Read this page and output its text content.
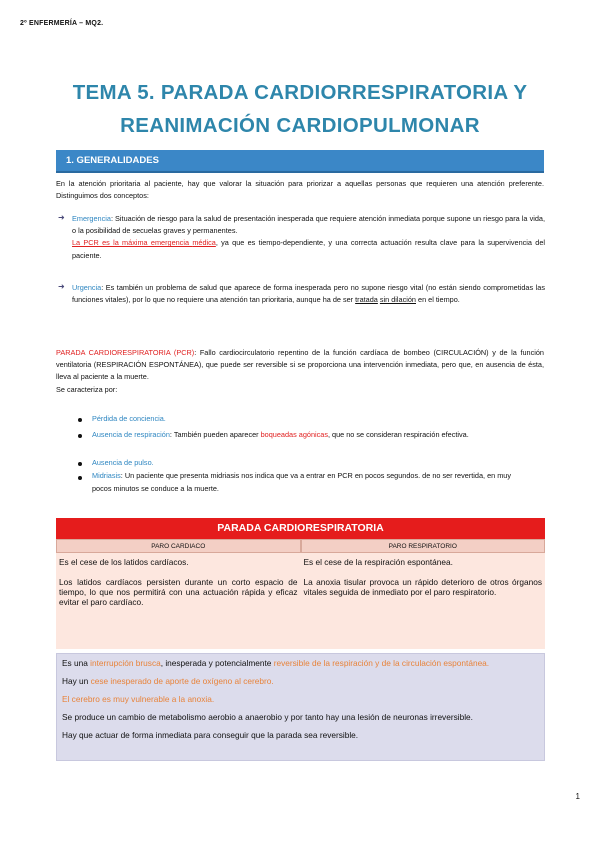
2º ENFERMERÍA – MQ2.
TEMA 5. PARADA CARDIORRESPIRATORIA Y
REANIMACIÓN CARDIOPULMONAR
1. GENERALIDADES
En la atención prioritaria al paciente, hay que valorar la situación para priorizar a aquellas personas que requieren una atención preferente. Distinguimos dos conceptos:
➜ Emergencia: Situación de riesgo para la salud de presentación inesperada que requiere atención inmediata porque supone un riesgo para la vida, o la posibilidad de secuelas graves y permanentes.
La PCR es la máxima emergencia médica, ya que es tiempo-dependiente, y una correcta actuación resulta clave para la supervivencia del paciente.
➜ Urgencia: Es también un problema de salud que aparece de forma inesperada pero no supone riesgo vital (no están siendo comprometidas las funciones vitales), por lo que no requiere una atención tan prioritaria, aunque ha de ser tratada sin dilación en el tiempo.
PARADA CARDIORESPIRATORIA (PCR): Fallo cardiocirculatorio repentino de la función cardíaca de bombeo (CIRCULACIÓN) y de la función ventilatoria (RESPIRACIÓN ESPONTÁNEA), que puede ser reversible si se proporciona una intervención inmediata, pero que, en ausencia de ésta, lleva al paciente a la muerte.
Se caracteriza por:
Pérdida de conciencia.
Ausencia de respiración: También pueden aparecer boqueadas agónicas, que no se consideran respiración efectiva.
Ausencia de pulso.
Midriasis: Un paciente que presenta midriasis nos indica que va a entrar en PCR en pocos segundos. de no ser revertida, en muy pocos minutos se conduce a la muerte.
PARADA CARDIORESPIRATORIA
PARO CARDIACO	PARO RESPIRATORIO

Es el cese de los latidos cardíacos.

Los latidos cardíacos persisten durante un corto espacio de tiempo, lo que nos permitirá con una actuación rápida y eficaz evitar el paro cardíaco.

Es el cese de la respiración espontánea.

La anoxia tisular provoca un rápido deterioro de otros órganos vitales seguida de inmediato por el paro respiratorio.

Es una interrupción brusca, inesperada y potencialmente reversible de la respiración y de la circulación espontánea.

Hay un cese inesperado de aporte de oxígeno al cerebro.

El cerebro es muy vulnerable a la anoxia.

Se produce un cambio de metabolismo aerobio a anaerobio y por tanto hay una lesión de neuronas irreversible.

Hay que actuar de forma inmediata para conseguir que la parada sea reversible.

1
